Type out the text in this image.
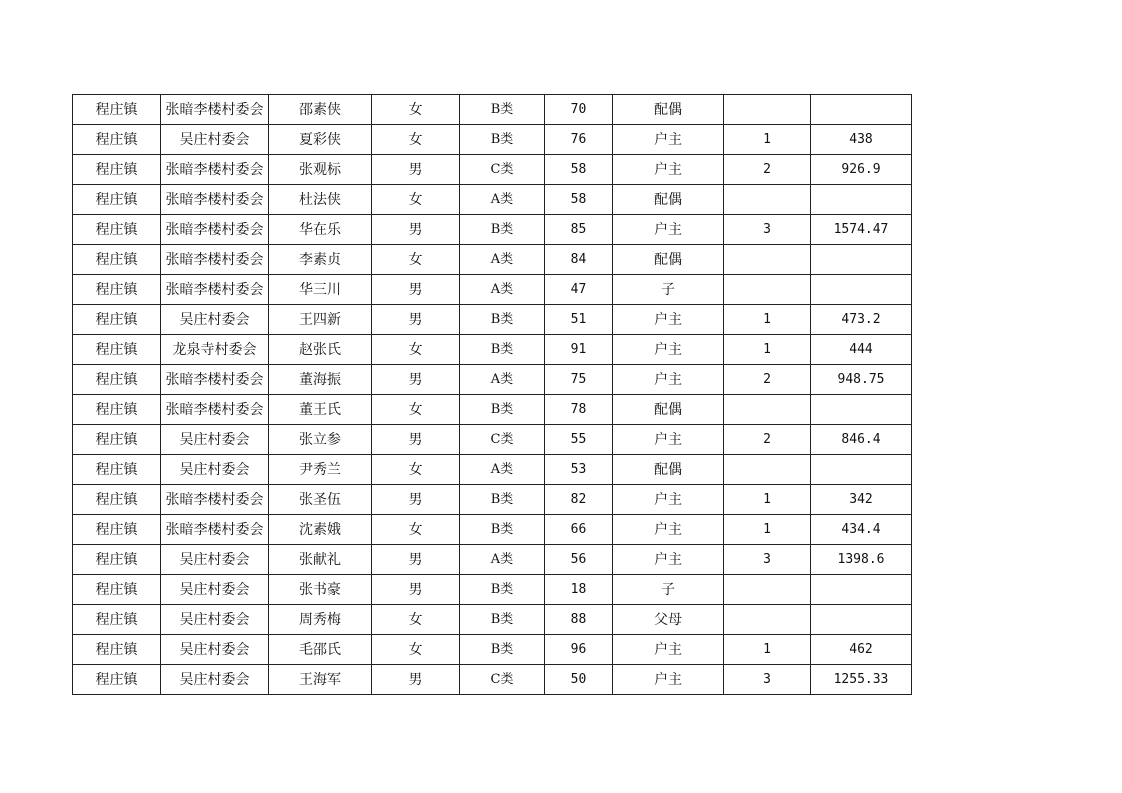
程庄镇	张暗李楼村委会	邵素侠	女	B类	70	配偶		
程庄镇	吴庄村委会	夏彩侠	女	B类	76	户主	1	438
程庄镇	张暗李楼村委会	张观标	男	C类	58	户主	2	926.9
程庄镇	张暗李楼村委会	杜法侠	女	A类	58	配偶		
程庄镇	张暗李楼村委会	华在乐	男	B类	85	户主	3	1574.47
程庄镇	张暗李楼村委会	李素贞	女	A类	84	配偶		
程庄镇	张暗李楼村委会	华三川	男	A类	47	子		
程庄镇	吴庄村委会	王四新	男	B类	51	户主	1	473.2
程庄镇	龙泉寺村委会	赵张氏	女	B类	91	户主	1	444
程庄镇	张暗李楼村委会	董海振	男	A类	75	户主	2	948.75
程庄镇	张暗李楼村委会	董王氏	女	B类	78	配偶		
程庄镇	吴庄村委会	张立参	男	C类	55	户主	2	846.4
程庄镇	吴庄村委会	尹秀兰	女	A类	53	配偶		
程庄镇	张暗李楼村委会	张圣伍	男	B类	82	户主	1	342
程庄镇	张暗李楼村委会	沈素娥	女	B类	66	户主	1	434.4
程庄镇	吴庄村委会	张献礼	男	A类	56	户主	3	1398.6
程庄镇	吴庄村委会	张书豪	男	B类	18	子		
程庄镇	吴庄村委会	周秀梅	女	B类	88	父母		
程庄镇	吴庄村委会	毛邵氏	女	B类	96	户主	1	462
程庄镇	吴庄村委会	王海军	男	C类	50	户主	3	1255.33
